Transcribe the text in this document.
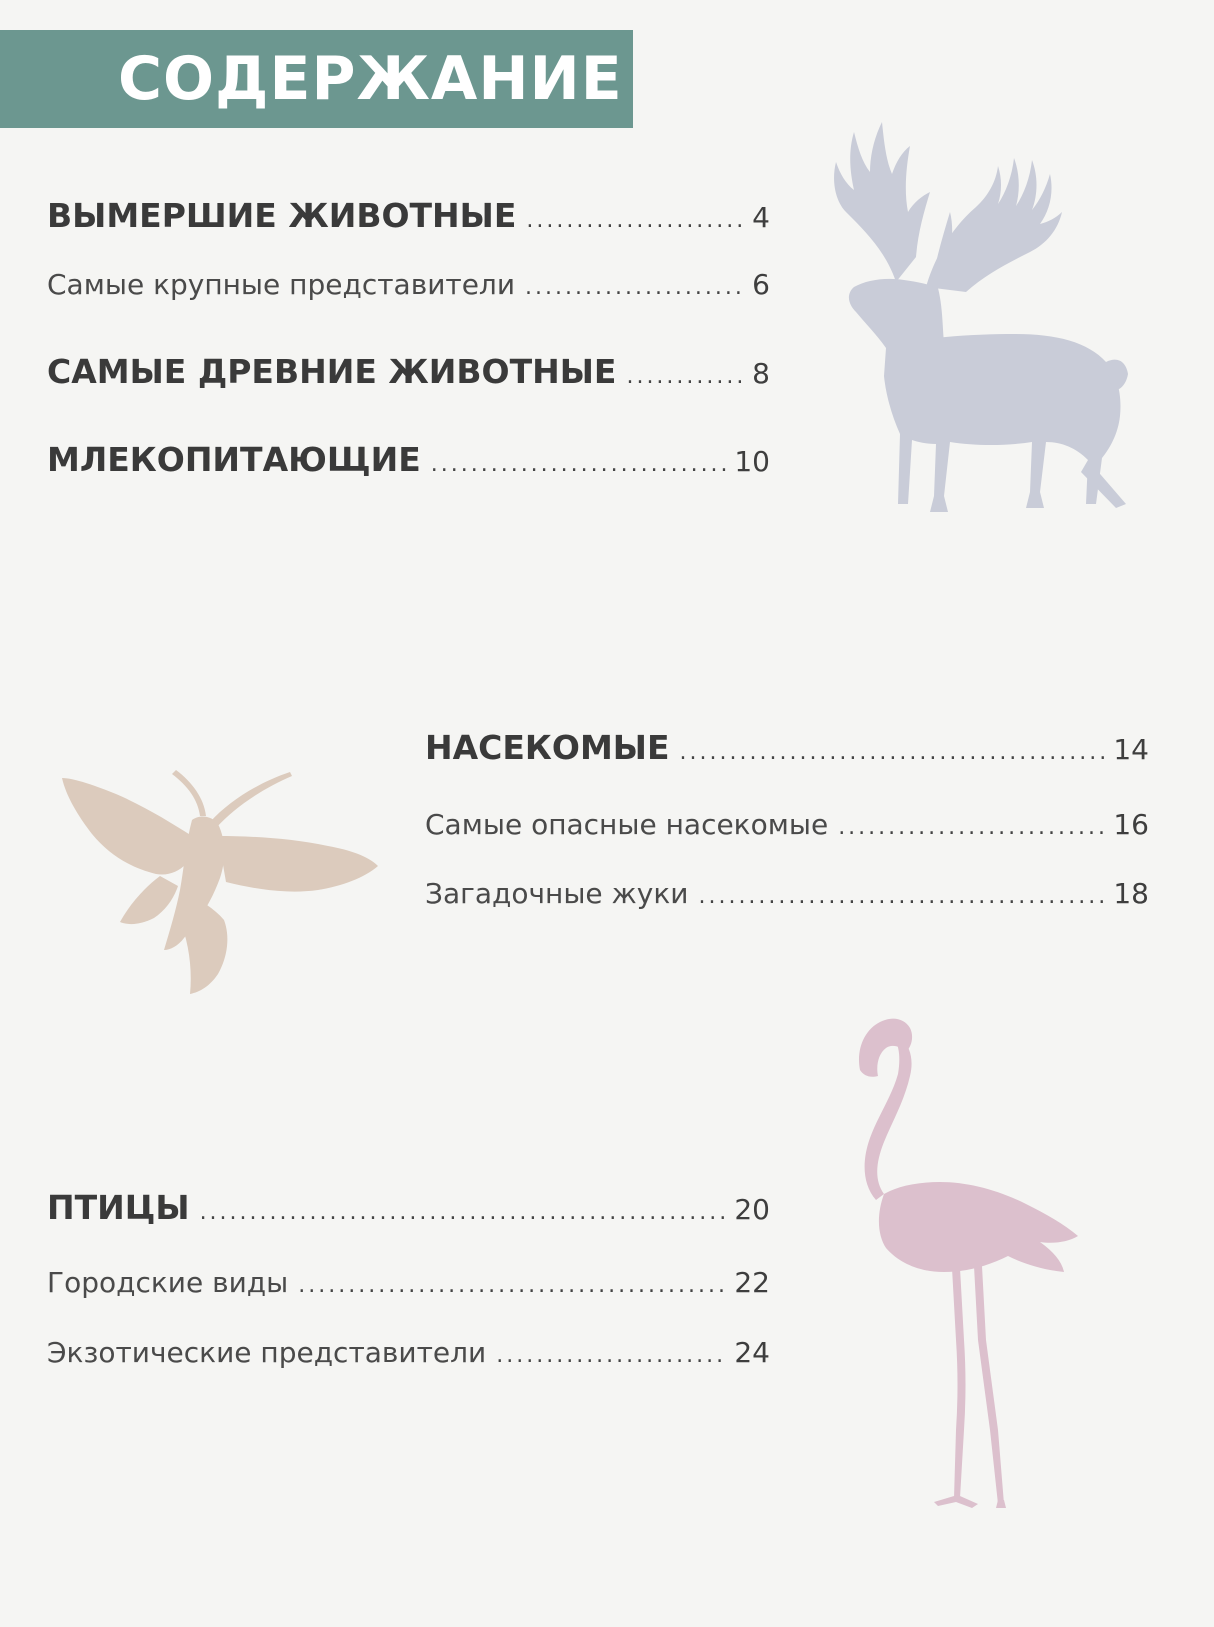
СОДЕРЖАНИЕ
ВЫМЕРШИЕ ЖИВОТНЫЕ .....	4
Самые крупные представители .....	6
САМЫЕ ДРЕВНИЕ ЖИВОТНЫЕ .....	8
МЛЕКОПИТАЮЩИЕ .....	10
НАСЕКОМЫЕ .....	14
Самые опасные насекомые .....	16
Загадочные жуки .....	18
ПТИЦЫ .....	20
Городские виды .....	22
Экзотические представители .....	24
